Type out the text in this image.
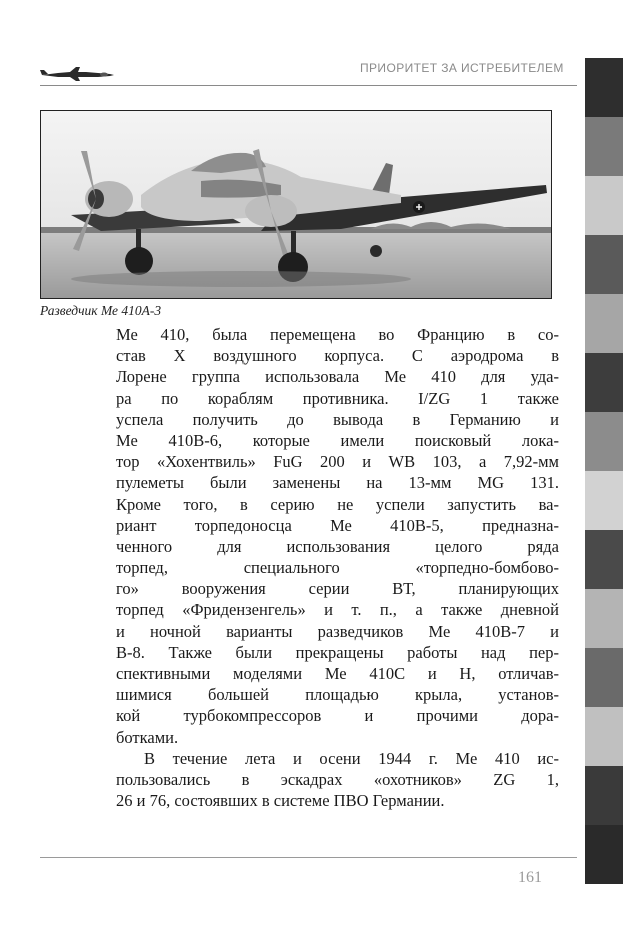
ПРИОРИТЕТ ЗА ИСТРЕБИТЕЛЕМ
Разведчик Ме 410А-3
Ме 410, была перемещена во Францию в со-
став X воздушного корпуса. С аэродрома в
Лорене группа использовала Ме 410 для уда-
ра по кораблям противника. I/ZG 1 также
успела получить до вывода в Германию и
Ме 410В-6, которые имели поисковый лока-
тор «Хохентвиль» FuG 200 и WB 103, а 7,92-мм
пулеметы были заменены на 13-мм MG 131.
Кроме того, в серию не успели запустить ва-
риант торпедоносца Ме 410В-5, предназна-
ченного для использования целого ряда
торпед, специального «торпедно-бомбово-
го» вооружения серии ВТ, планирующих
торпед «Фридензенгель» и т. п., а также дневной
и ночной варианты разведчиков Ме 410В-7 и
В-8. Также были прекращены работы над пер-
спективными моделями Ме 410С и Н, отличав-
шимися большей площадью крыла, установ-
кой турбокомпрессоров и прочими дора-
ботками.
В течение лета и осени 1944 г. Ме 410 ис-
пользовались в эскадрах «охотников» ZG 1,
26 и 76, состоявших в системе ПВО Германии.
161
